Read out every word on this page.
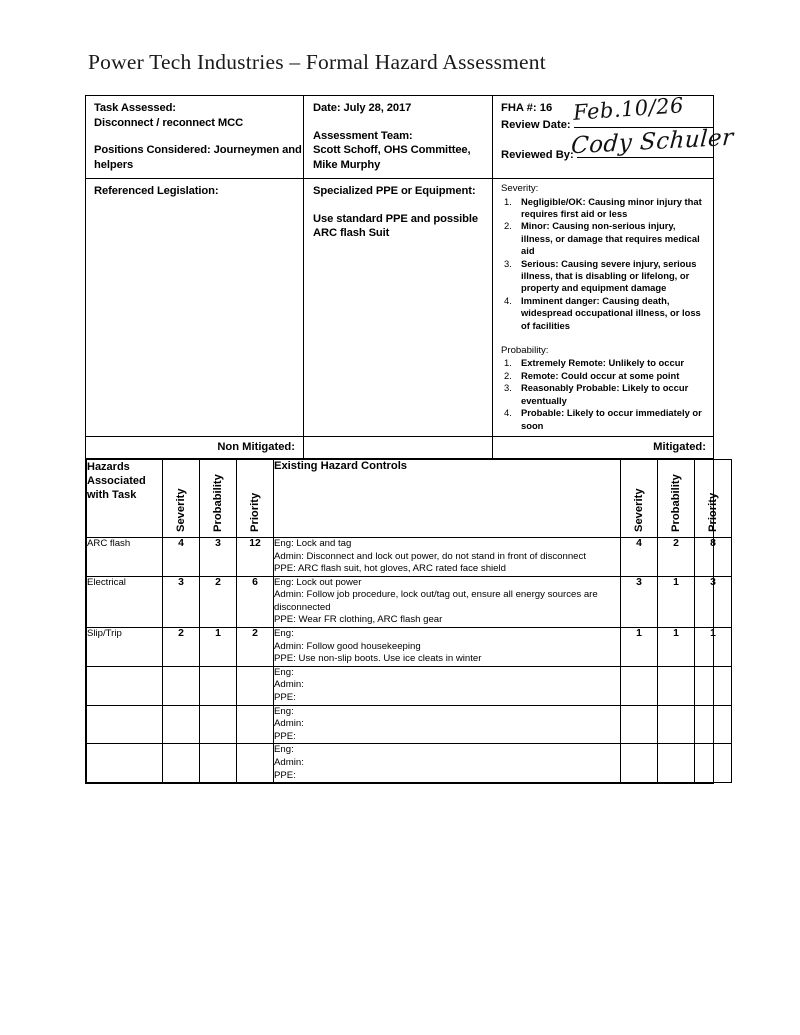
Power Tech Industries – Formal Hazard Assessment
Task Assessed:
Disconnect / reconnect MCC
Positions Considered: Journeymen and helpers
Date: July 28, 2017
Assessment Team:
Scott Schoff, OHS Committee, Mike Murphy
FHA #: 16
Review Date:
Reviewed By:
Feb.10/26
Cody Schuler
Referenced Legislation:	Specialized PPE or Equipment:
Use standard PPE and possible ARC flash Suit
Severity:
1. Negligible/OK: Causing minor injury that requires first aid or less
2. Minor: Causing non-serious injury, illness, or damage that requires medical aid
3. Serious: Causing severe injury, serious illness, that is disabling or lifelong, or property and equipment damage
4. Imminent danger: Causing death, widespread occupational illness, or loss of facilities
Probability:
1. Extremely Remote: Unlikely to occur
2. Remote: Could occur at some point
3. Reasonably Probable: Likely to occur eventually
4. Probable: Likely to occur immediately or soon
Non Mitigated:	Mitigated:
Hazards Associated with Task	Severity	Probability	Priority	Existing Hazard Controls	Severity	Probability	Priority

ARC flash	4	3	12	Eng: Lock and tag
Admin: Disconnect and lock out power, do not stand in front of disconnect
PPE: ARC flash suit, hot gloves, ARC rated face shield	4	2	8
Electrical	3	2	6	Eng: Lock out power
Admin: Follow job procedure, lock out/tag out, ensure all energy sources are disconnected
PPE: Wear FR clothing, ARC flash gear	3	1	3
Slip/Trip	2	1	2	Eng:
Admin: Follow good housekeeping
PPE: Use non-slip boots. Use ice cleats in winter	1	1	1

				Eng:
Admin:
PPE:			

				Eng:
Admin:
PPE:			

				Eng:
Admin:
PPE:			
